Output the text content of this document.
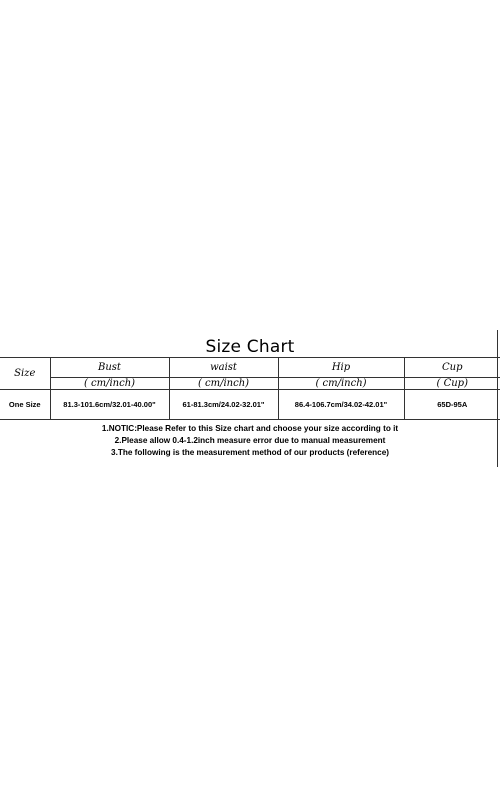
Size Chart
Size	Bust	waist	Hip	Cup
	( cm/inch)	( cm/inch)	( cm/inch)	( Cup)
One Size	81.3-101.6cm/32.01-40.00"	61-81.3cm/24.02-32.01"	86.4-106.7cm/34.02-42.01"	65D-95A
1.NOTIC:Please Refer to this Size chart and choose your size according to it
2.Please allow 0.4-1.2inch measure error due to manual measurement
3.The following is the measurement method of our products (reference)
